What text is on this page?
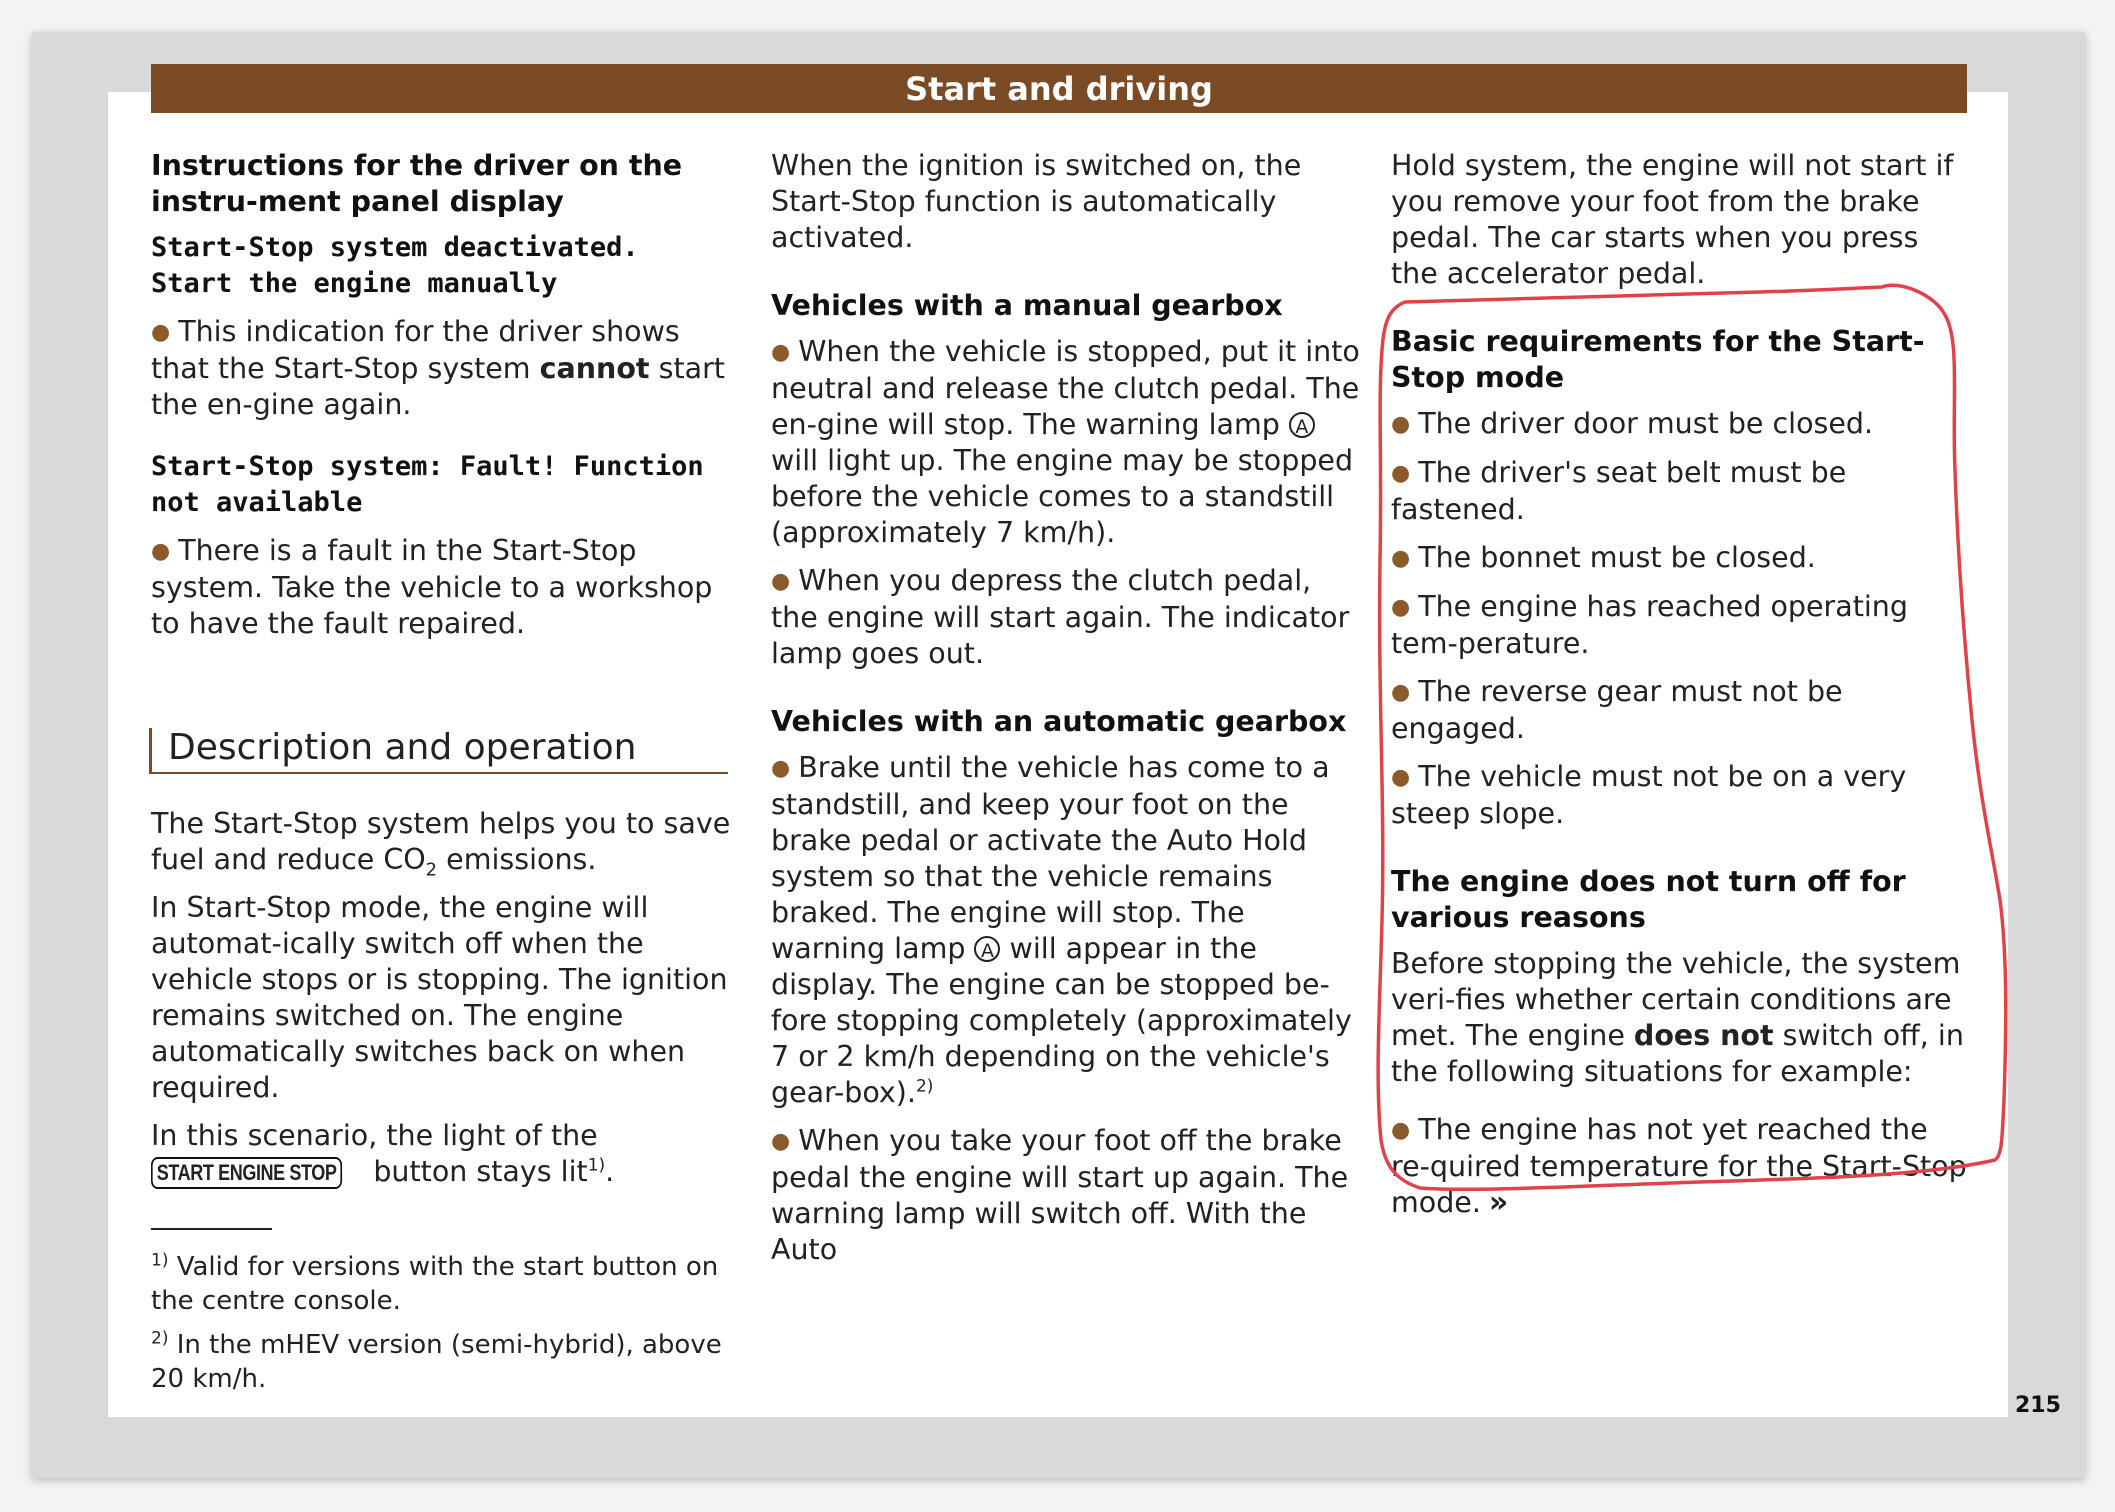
Start and driving

Instructions for the driver on the instru-ment panel display

Start-Stop system deactivated. Start the engine manually

● This indication for the driver shows that the Start-Stop system cannot start the en-gine again.

Start-Stop system: Fault! Function not available

● There is a fault in the Start-Stop system. Take the vehicle to a workshop to have the fault repaired.

Description and operation

The Start-Stop system helps you to save fuel and reduce $CO_2$ emissions.

In Start-Stop mode, the engine will automat-ically switch off when the vehicle stops or is stopping. The ignition remains switched on. The engine automatically switches back on when required.

In this scenario, the light of the START ENGINE STOP button stays lit$^{1)}$.

When the ignition is switched on, the Start-Stop function is automatically activated.

Vehicles with a manual gearbox

● When the vehicle is stopped, put it into neutral and release the clutch pedal. The en-gine will stop. The warning lamp A will light up. The engine may be stopped before the vehicle comes to a standstill (approximately 7 km/h).

● When you depress the clutch pedal, the engine will start again. The indicator lamp goes out.

Vehicles with an automatic gearbox

● Brake until the vehicle has come to a standstill, and keep your foot on the brake pedal or activate the Auto Hold system so that the vehicle remains braked. The engine will stop. The warning lamp A will appear in the display. The engine can be stopped be-fore stopping completely (approximately 7 or 2 km/h depending on the vehicle's gear-box).$^{2)}$

● When you take your foot off the brake pedal the engine will start up again. The warning lamp will switch off. With the Auto

Hold system, the engine will not start if you remove your foot from the brake pedal. The car starts when you press the accelerator pedal.

Basic requirements for the Start-Stop mode

● The driver door must be closed.

● The driver's seat belt must be fastened.

● The bonnet must be closed.

● The engine has reached operating tem-perature.

● The reverse gear must not be engaged.

● The vehicle must not be on a very steep slope.

The engine does not turn off for various reasons

Before stopping the vehicle, the system veri-fies whether certain conditions are met. The engine does not switch off, in the following situations for example:

● The engine has not yet reached the re-quired temperature for the Start-Stop mode. »

$^{1)}$ Valid for versions with the start button on the centre console.

$^{2)}$ In the mHEV version (semi-hybrid), above 20 km/h.

215
